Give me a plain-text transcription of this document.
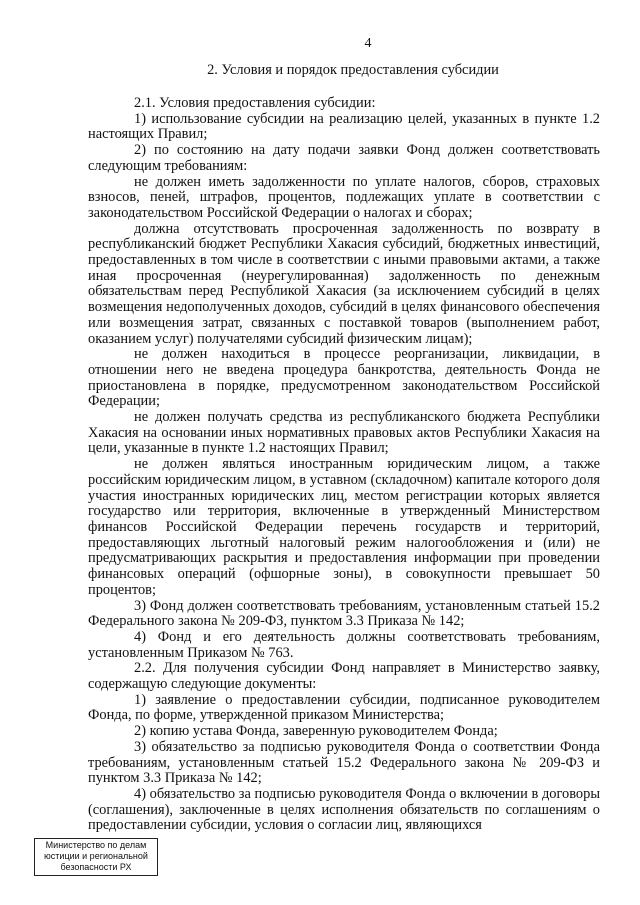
4
2. Условия и порядок предоставления субсидии

2.1. Условия предоставления субсидии:

1) использование субсидии на реализацию целей, указанных в пункте 1.2 настоящих Правил;

2) по состоянию на дату подачи заявки Фонд должен соответствовать следующим требованиям:

не должен иметь задолженности по уплате налогов, сборов, страховых взносов, пеней, штрафов, процентов, подлежащих уплате в соответствии с законодательством Российской Федерации о налогах и сборах;

должна отсутствовать просроченная задолженность по возврату в республиканский бюджет Республики Хакасия субсидий, бюджетных инвестиций, предоставленных в том числе в соответствии с иными правовыми актами, а также иная просроченная (неурегулированная) задолженность по денежным обязательствам перед Республикой Хакасия (за исключением субсидий в целях возмещения недополученных доходов, субсидий в целях финансового обеспечения или возмещения затрат, связанных с поставкой товаров (выполнением работ, оказанием услуг) получателями субсидий физическим лицам);

не должен находиться в процессе реорганизации, ликвидации, в отношении него не введена процедура банкротства, деятельность Фонда не приостановлена в порядке, предусмотренном законодательством Российской Федерации;

не должен получать средства из республиканского бюджета Республики Хакасия на основании иных нормативных правовых актов Республики Хакасия на цели, указанные в пункте 1.2 настоящих Правил;

не должен являться иностранным юридическим лицом, а также российским юридическим лицом, в уставном (складочном) капитале которого доля участия иностранных юридических лиц, местом регистрации которых является государство или территория, включенные в утвержденный Министерством финансов Российской Федерации перечень государств и территорий, предоставляющих льготный налоговый режим налогообложения и (или) не предусматривающих раскрытия и предоставления информации при проведении финансовых операций (офшорные зоны), в совокупности превышает 50 процентов;

3) Фонд должен соответствовать требованиям, установленным статьей 15.2 Федерального закона № 209-ФЗ, пунктом 3.3 Приказа № 142;

4) Фонд и его деятельность должны соответствовать требованиям, установленным Приказом № 763.

2.2. Для получения субсидии Фонд направляет в Министерство заявку, содержащую следующие документы:

1) заявление о предоставлении субсидии, подписанное руководителем Фонда, по форме, утвержденной приказом Министерства;

2) копию устава Фонда, заверенную руководителем Фонда;

3) обязательство за подписью руководителя Фонда о соответствии Фонда требованиям, установленным статьей 15.2 Федерального закона № 209-ФЗ и пунктом 3.3 Приказа № 142;

4) обязательство за подписью руководителя Фонда о включении в договоры (соглашения), заключенные в целях исполнения обязательств по соглашениям о предоставлении субсидии, условия о согласии лиц, являющихся

Министерство по делам
юстиции и региональной
безопасности РХ
